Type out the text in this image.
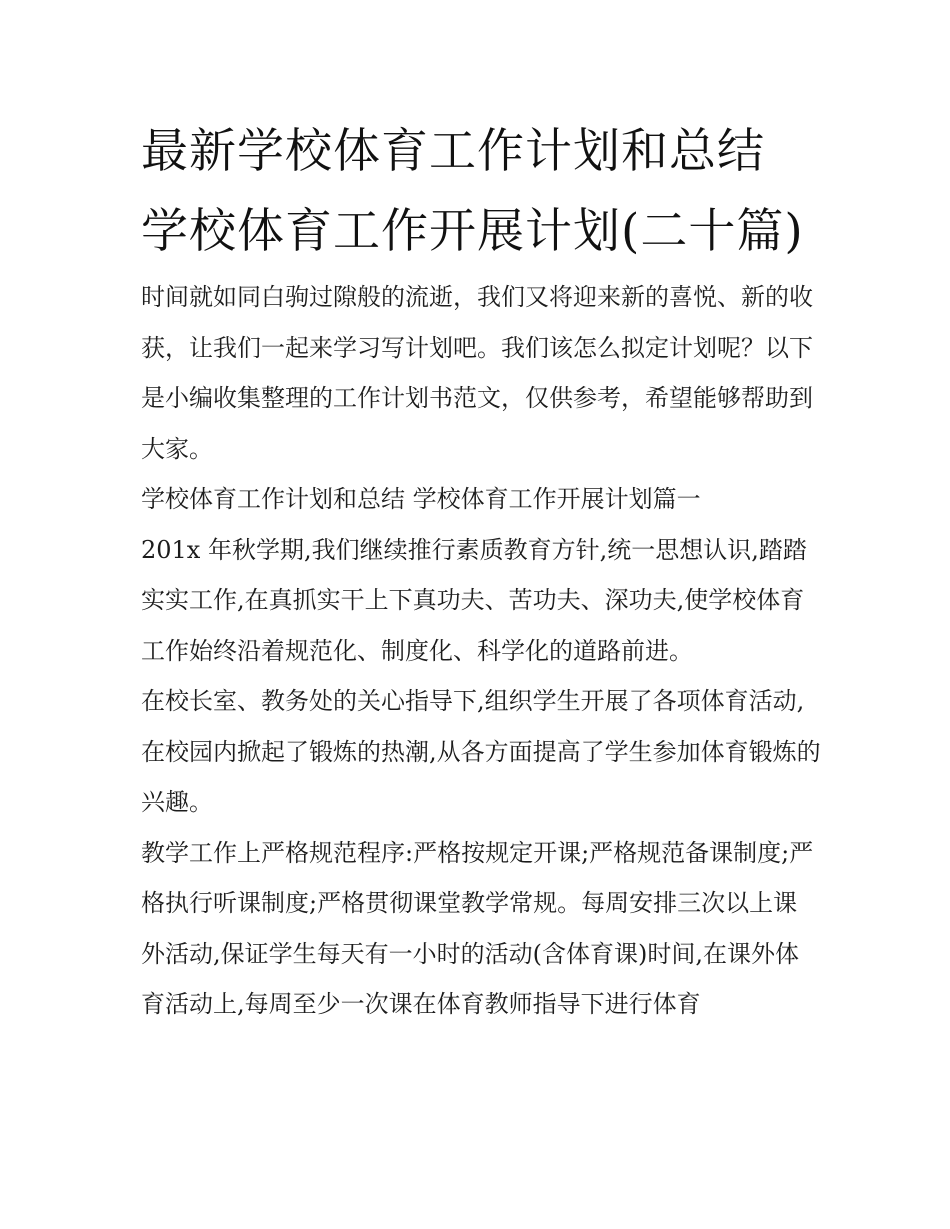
最新学校体育工作计划和总结 学校体育工作开展计划(二十篇)

时间就如同白驹过隙般的流逝，我们又将迎来新的喜悦、新的收获，让我们一起来学习写计划吧。我们该怎么拟定计划呢？以下是小编收集整理的工作计划书范文，仅供参考，希望能够帮助到大家。

学校体育工作计划和总结 学校体育工作开展计划篇一

201x 年秋学期,我们继续推行素质教育方针,统一思想认识,踏踏实实工作,在真抓实干上下真功夫、苦功夫、深功夫,使学校体育工作始终沿着规范化、制度化、科学化的道路前进。

在校长室、教务处的关心指导下,组织学生开展了各项体育活动,在校园内掀起了锻炼的热潮,从各方面提高了学生参加体育锻炼的兴趣。

教学工作上严格规范程序:严格按规定开课;严格规范备课制度;严格执行听课制度;严格贯彻课堂教学常规。每周安排三次以上课外活动,保证学生每天有一小时的活动(含体育课)时间,在课外体育活动上,每周至少一次课在体育教师指导下进行体育
